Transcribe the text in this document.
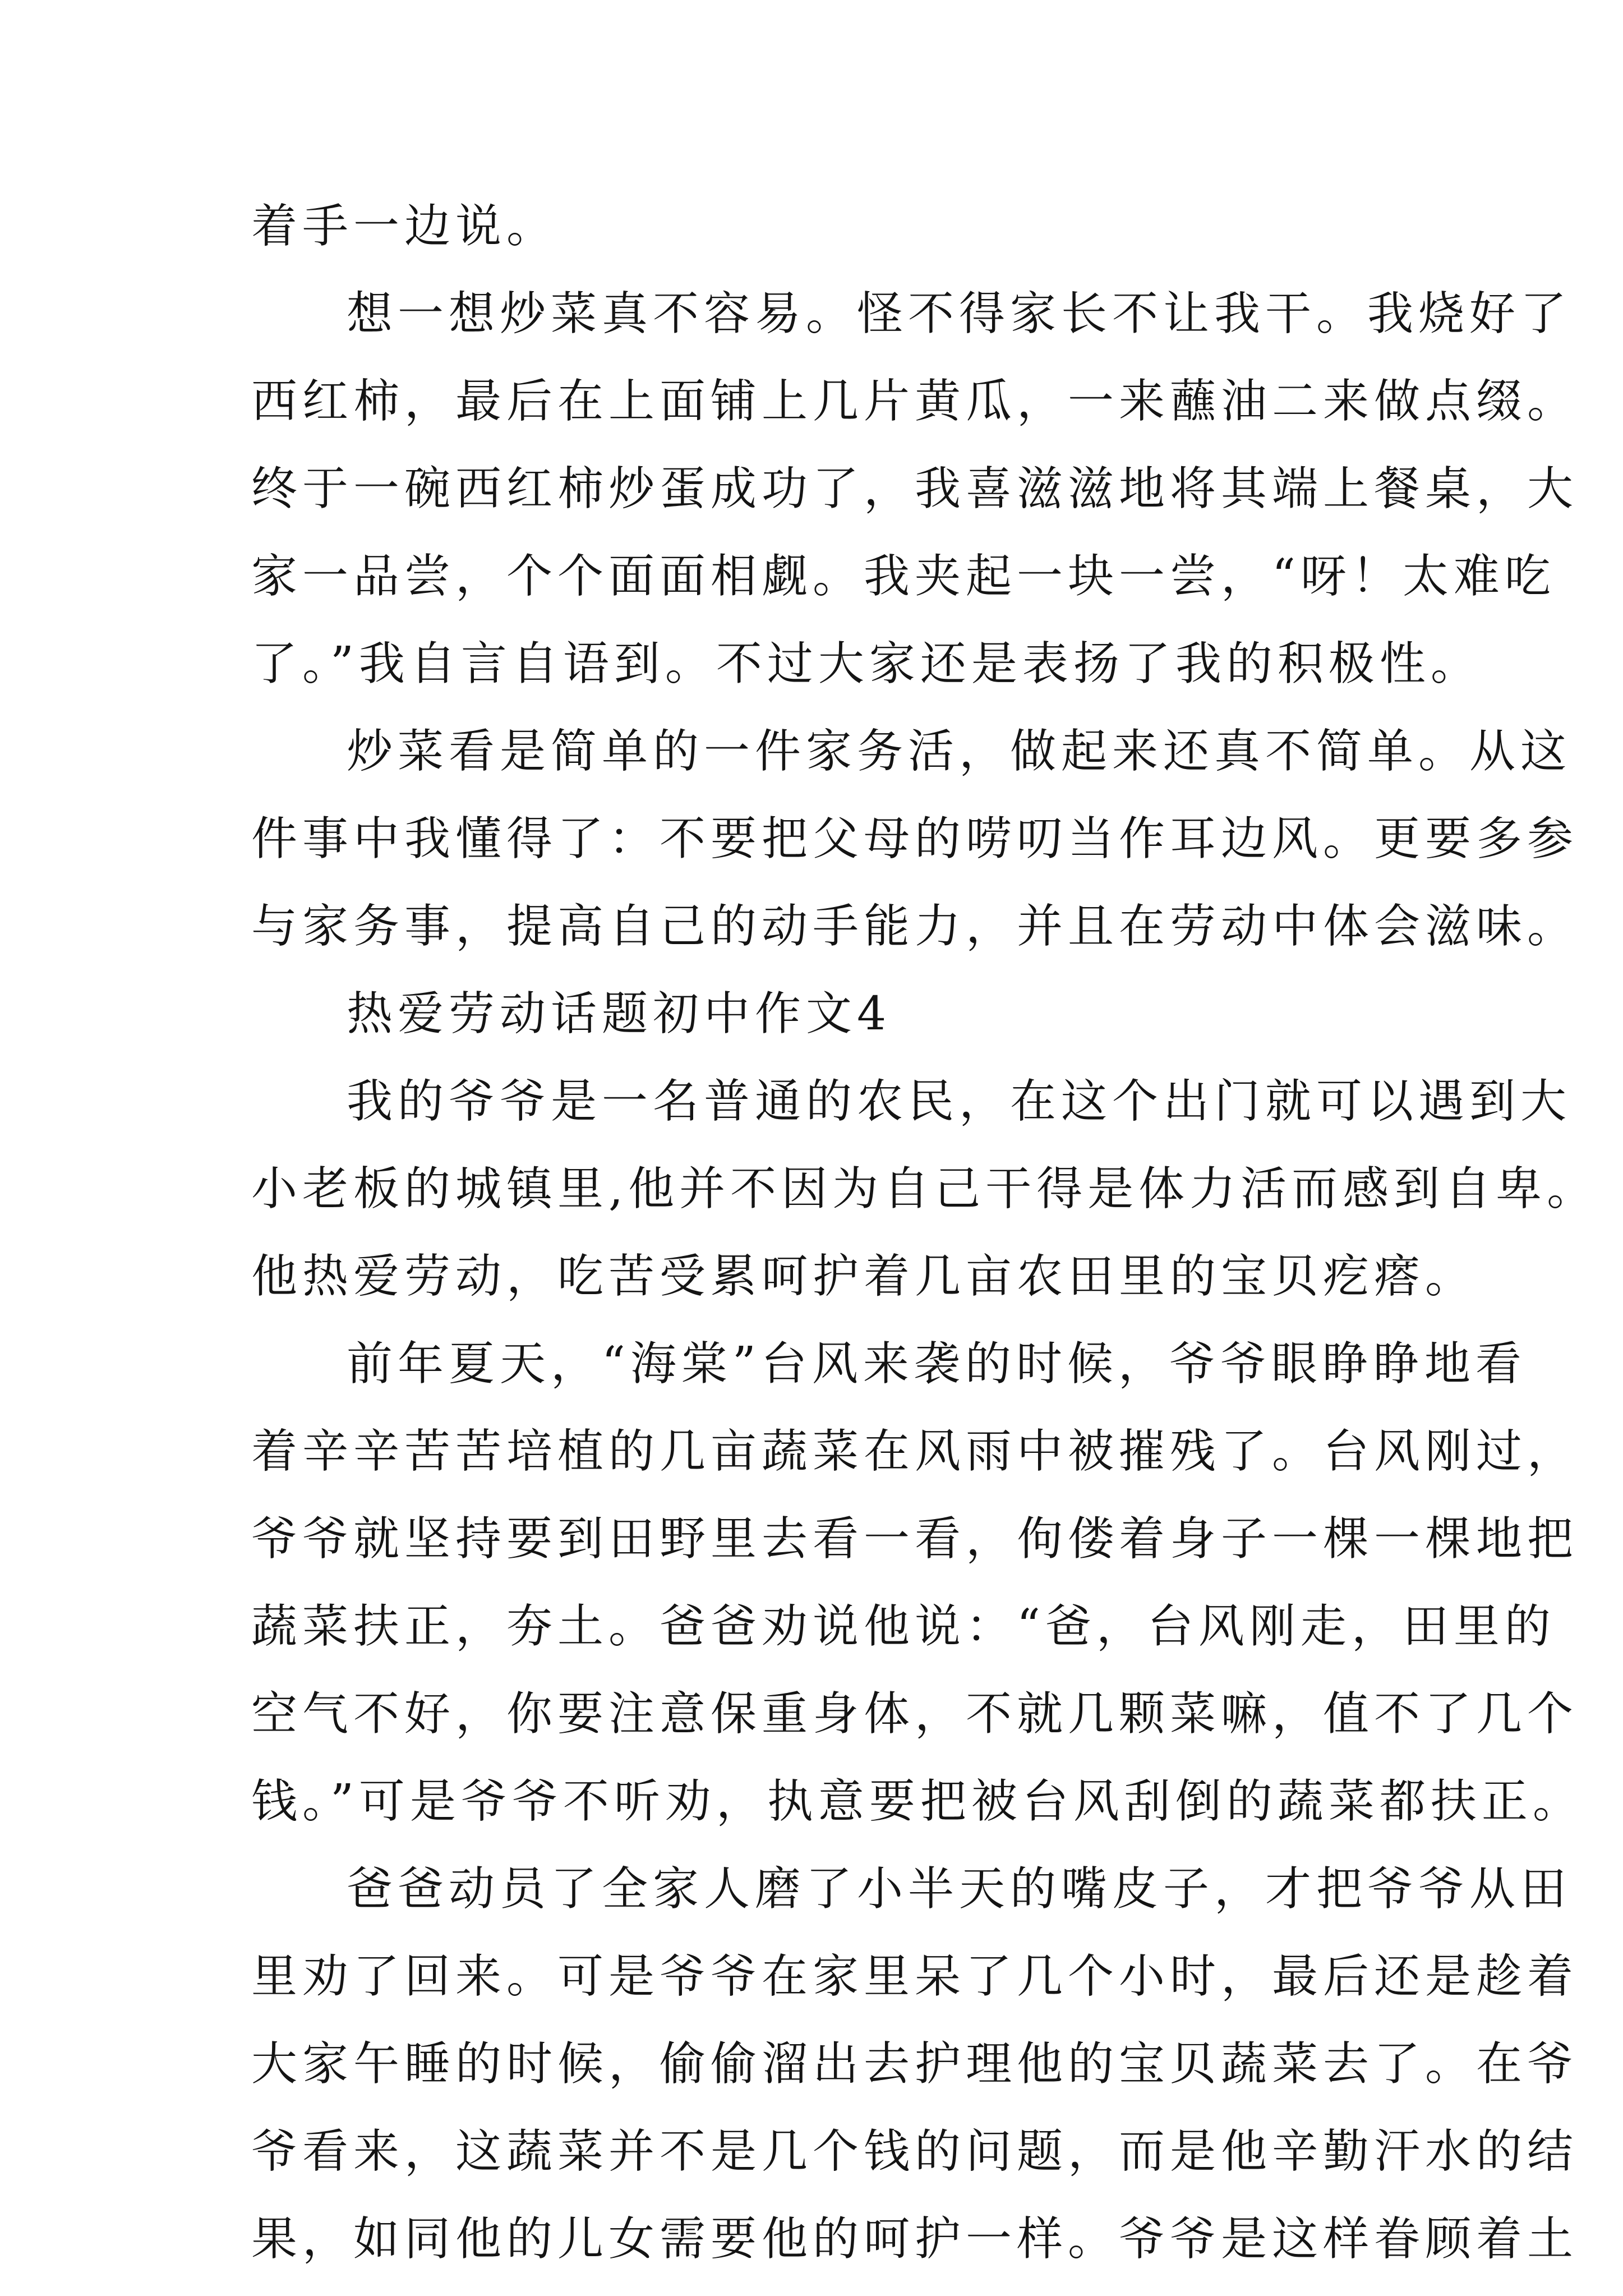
着手一边说。
想一想炒菜真不容易。怪不得家长不让我干。我烧好了
西红柿，最后在上面铺上几片黄瓜，一来蘸油二来做点缀。
终于一碗西红柿炒蛋成功了，我喜滋滋地将其端上餐桌，大
家一品尝，个个面面相觑。我夹起一块一尝，“呀！太难吃
了。”我自言自语到。不过大家还是表扬了我的积极性。
炒菜看是简单的一件家务活，做起来还真不简单。从这
件事中我懂得了：不要把父母的唠叨当作耳边风。更要多参
与家务事，提高自己的动手能力，并且在劳动中体会滋味。
热爱劳动话题初中作文4
我的爷爷是一名普通的农民，在这个出门就可以遇到大
小老板的城镇里,他并不因为自己干得是体力活而感到自卑。
他热爱劳动，吃苦受累呵护着几亩农田里的宝贝疙瘩。
前年夏天，“海棠”台风来袭的时候，爷爷眼睁睁地看
着辛辛苦苦培植的几亩蔬菜在风雨中被摧残了。台风刚过，
爷爷就坚持要到田野里去看一看，佝偻着身子一棵一棵地把
蔬菜扶正，夯土。爸爸劝说他说：“爸，台风刚走，田里的
空气不好，你要注意保重身体，不就几颗菜嘛，值不了几个
钱。”可是爷爷不听劝，执意要把被台风刮倒的蔬菜都扶正。
爸爸动员了全家人磨了小半天的嘴皮子，才把爷爷从田
里劝了回来。可是爷爷在家里呆了几个小时，最后还是趁着
大家午睡的时候，偷偷溜出去护理他的宝贝蔬菜去了。在爷
爷看来，这蔬菜并不是几个钱的问题，而是他辛勤汗水的结
果，如同他的儿女需要他的呵护一样。爷爷是这样眷顾着土
